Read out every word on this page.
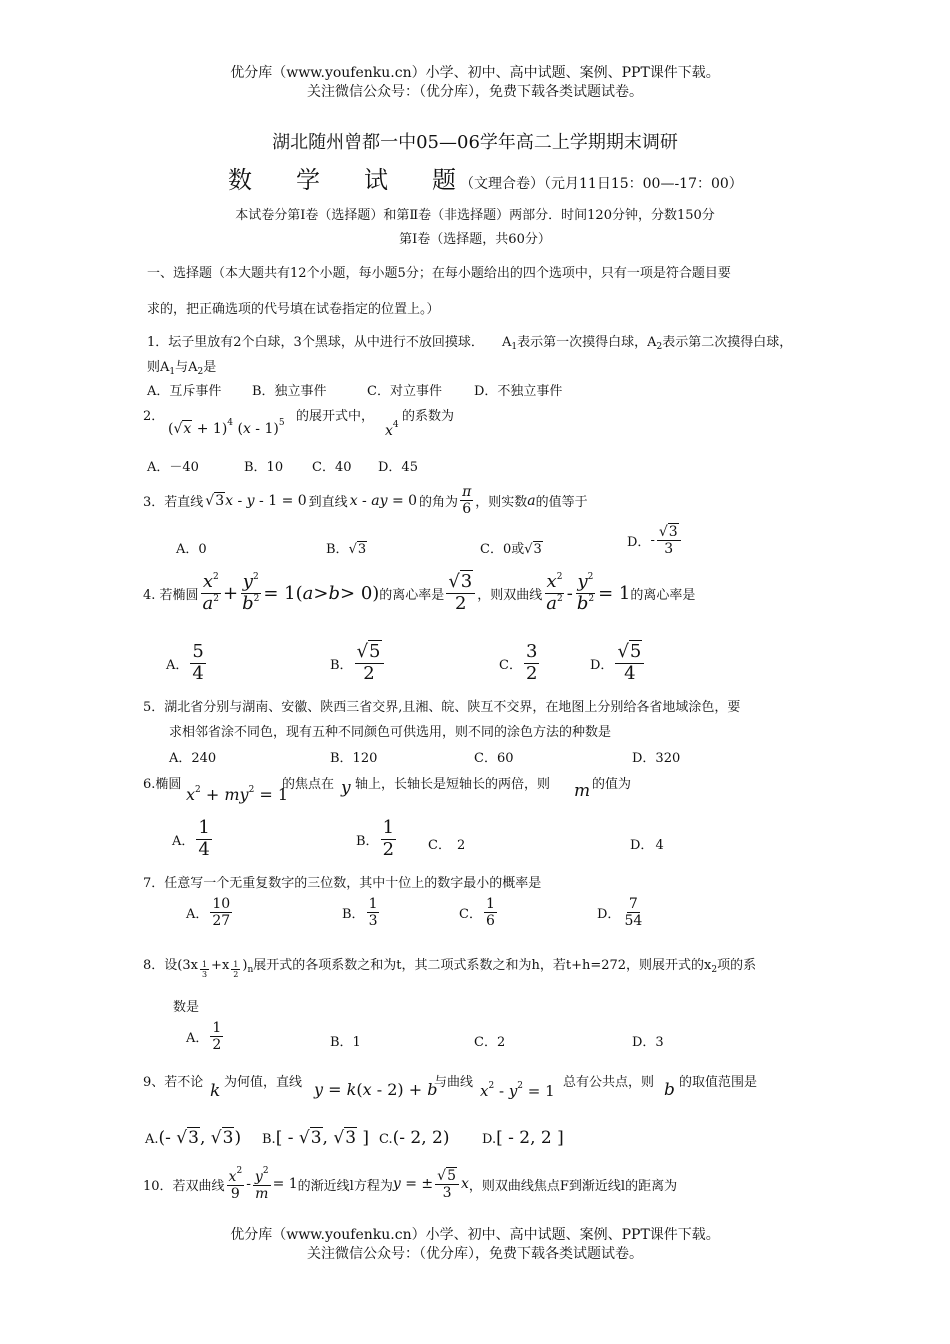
优分库（www.youfenku.cn）小学、初中、高中试题、案例、PPT课件下载。
关注微信公众号：（优分库），免费下载各类试题试卷。
湖北随州曾都一中05—06学年高二上学期期末调研
数学试题（文理合卷）（元月11日15：00—-17：00）
本试卷分第Ⅰ卷（选择题）和第Ⅱ卷（非选择题）两部分．时间120分钟，分数150分
第Ⅰ卷（选择题，共60分）
一、选择题（本大题共有12个小题，每小题5分；在每小题给出的四个选项中，只有一项是符合题目要
求的，把正确选项的代号填在试卷指定的位置上。）
1．坛子里放有2个白球，3个黑球，从中进行不放回摸球． $A_1$表示第一次摸得白球，$A_2$表示第二次摸得白球，
则$A_1$与$A_2$是
A．互斥事件 B．独立事件	C．对立事件 D．不独立事件
2．
$(√x + 1)^4$ (x - 1)$^5$ 的展开式中，
$x^4$
的系数为
A．－40	B．10 C．40 D．45
3．若直线 √3x - y - 1 = 0 到直线 x - ay = 0 的角为 $\frac{\pi}{6}$ ，则实数 a 的值等于
A．0	B．√3	C．0或√3	D． - $\frac{√3}{3}$
4. 若椭圆 $\frac{x^2}{a^2} + \frac{y^2}{b^2} = 1$( a > b > 0) 的离心率是 $\frac{√3}{2}$ ，则双曲线 $\frac{x^2}{a^2} - \frac{y^2}{b^2} = 1$ 的离心率是
A． $\frac{5}{4}$	B． $\frac{√5}{2}$	C． $\frac{3}{2}$	D． $\frac{√5}{4}$
5．湖北省分别与湖南、安徽、陕西三省交界,且湘、皖、陕互不交界，在地图上分别给各省地域涂色，要
求相邻省涂不同色，现有五种不同颜色可供选用，则不同的涂色方法的种数是
A．240	B．120	C．60	D．320
6.椭圆
$x^2 + my^2 = 1$
的焦点在 y 轴上，长轴长是短轴长的两倍，则 m 的值为
A． $\frac{1}{4}$	B． $\frac{1}{2}$ C． 2	D． 4
7．任意写一个无重复数字的三位数，其中十位上的数字最小的概率是
A． $\frac{10}{27}$	B． $\frac{1}{3}$	C． $\frac{1}{6}$	D． $\frac{7}{54}$
8．设$(3x \frac{1}{3} +x \frac{1}{2} )_n$展开式的各项系数之和为t，其二项式系数之和为h，若t+h=272，则展开式的$x_2$项的系
数是
A． $\frac{1}{2}$	B．1	C．2	D．3
9、若不论 k 为何值，直线 y = k(x - 2) + b
与曲线 $x^2 - y^2 = 1$ 总有公共点，则 b 的取值范围是
A.(- √3, √3) B.[ - √3, √3 ] C.(- 2, 2)	D.[ - 2, 2 ]
10．若双曲线 $\frac{x^2}{9} - \frac{y^2}{m} = 1$ 的渐近线l方程为 y = ± $\frac{√5}{3}$ x ，则双曲线焦点F到渐近线l的距离为
优分库（www.youfenku.cn）小学、初中、高中试题、案例、PPT课件下载。
关注微信公众号：（优分库），免费下载各类试题试卷。
